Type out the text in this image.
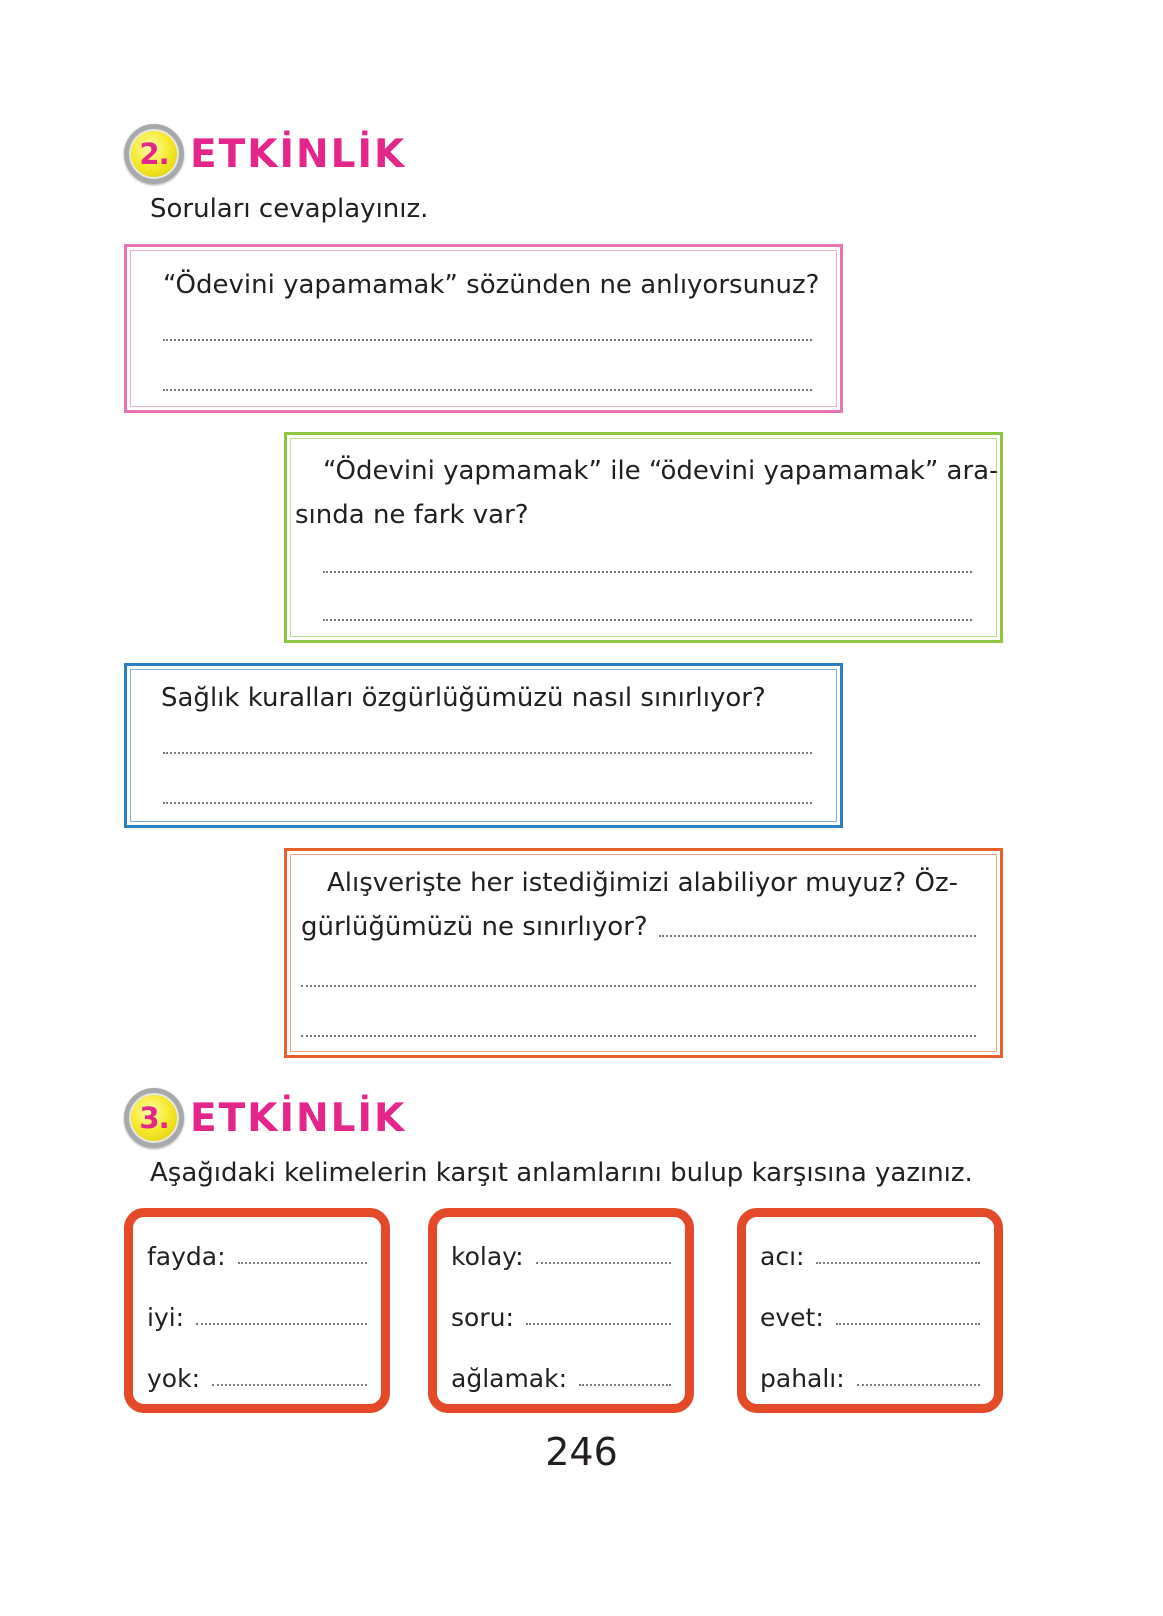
2. ETKİNLİK
Soruları cevaplayınız.
“Ödevini yapamamak” sözünden ne anlıyorsunuz?
“Ödevini yapmamak” ile “ödevini yapamamak” ara-
sında ne fark var?
Sağlık kuralları özgürlüğümüzü nasıl sınırlıyor?
Alışverişte her istediğimizi alabiliyor muyuz? Öz-
gürlüğümüzü ne sınırlıyor?
3. ETKİNLİK
Aşağıdaki kelimelerin karşıt anlamlarını bulup karşısına yazınız.
fayda:
iyi:
yok:
kolay:
soru:
ağlamak:
acı:
evet:
pahalı:
246
